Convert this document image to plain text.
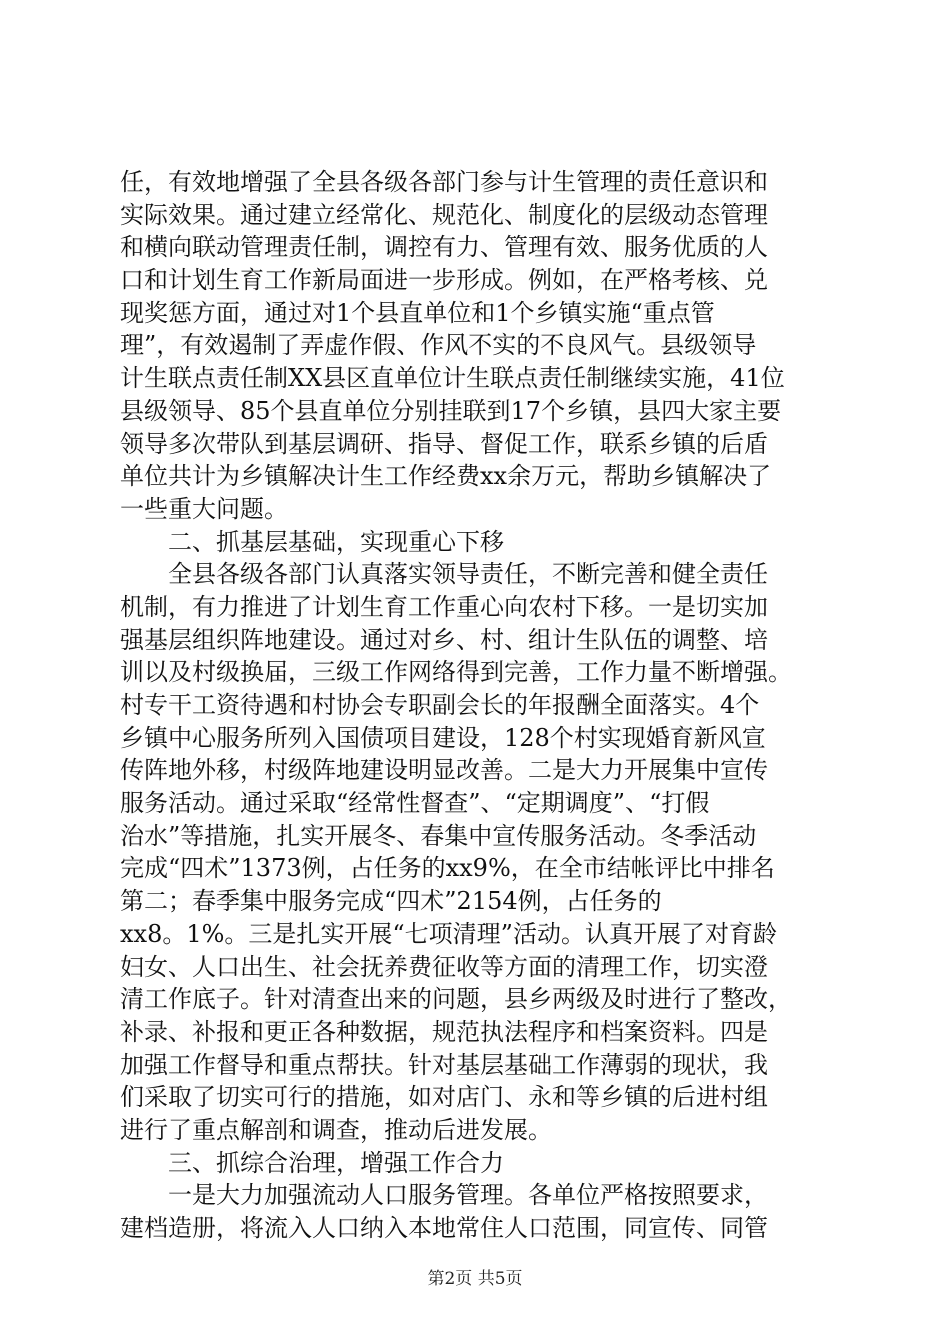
任，有效地增强了全县各级各部门参与计生管理的责任意识和
实际效果。通过建立经常化、规范化、制度化的层级动态管理
和横向联动管理责任制，调控有力、管理有效、服务优质的人
口和计划生育工作新局面进一步形成。例如，在严格考核、兑
现奖惩方面，通过对1个县直单位和1个乡镇实施“重点管
理”，有效遏制了弄虚作假、作风不实的不良风气。县级领导
计生联点责任制XX县区直单位计生联点责任制继续实施，41位
县级领导、85个县直单位分别挂联到17个乡镇，县四大家主要
领导多次带队到基层调研、指导、督促工作，联系乡镇的后盾
单位共计为乡镇解决计生工作经费xx余万元，帮助乡镇解决了
一些重大问题。
　　二、抓基层基础，实现重心下移
　　全县各级各部门认真落实领导责任，不断完善和健全责任
机制，有力推进了计划生育工作重心向农村下移。一是切实加
强基层组织阵地建设。通过对乡、村、组计生队伍的调整、培
训以及村级换届，三级工作网络得到完善，工作力量不断增强。
村专干工资待遇和村协会专职副会长的年报酬全面落实。4个
乡镇中心服务所列入国债项目建设，128个村实现婚育新风宣
传阵地外移，村级阵地建设明显改善。二是大力开展集中宣传
服务活动。通过采取“经常性督查”、“定期调度”、“打假
治水”等措施，扎实开展冬、春集中宣传服务活动。冬季活动
完成“四术”1373例，占任务的xx9%，在全市结帐评比中排名
第二；春季集中服务完成“四术”2154例，占任务的
xx8。1%。三是扎实开展“七项清理”活动。认真开展了对育龄
妇女、人口出生、社会抚养费征收等方面的清理工作，切实澄
清工作底子。针对清查出来的问题，县乡两级及时进行了整改，
补录、补报和更正各种数据，规范执法程序和档案资料。四是
加强工作督导和重点帮扶。针对基层基础工作薄弱的现状，我
们采取了切实可行的措施，如对店门、永和等乡镇的后进村组
进行了重点解剖和调查，推动后进发展。
　　三、抓综合治理，增强工作合力
　　一是大力加强流动人口服务管理。各单位严格按照要求，
建档造册，将流入人口纳入本地常住人口范围，同宣传、同管
第2页 共5页
